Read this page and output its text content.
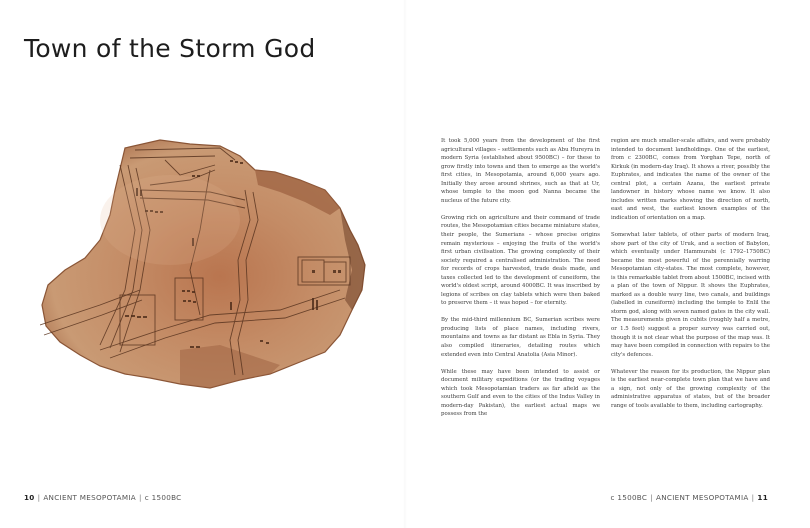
Town of the Storm God

It took 5,000 years from the development of the first agricultural villages – settlements such as Abu Hureyra in modern Syria (established about 9500BC) – for these to grow firstly into towns and then to emerge as the world's first cities, in Mesopotamia, around 6,000 years ago. Initially they arose around shrines, such as that at Ur, whose temple to the moon god Nanna became the nucleus of the future city.

Growing rich on agriculture and their command of trade routes, the Mesopotamian cities became miniature states, their people, the Sumerians – whose precise origins remain mysterious – enjoying the fruits of the world's first urban civilisation. The growing complexity of their society required a centralised administration. The need for records of crops harvested, trade deals made, and taxes collected led to the development of cuneiform, the world's oldest script, around 4000BC. It was inscribed by legions of scribes on clay tablets which were then baked to preserve them – it was hoped – for eternity.

By the mid-third millennium BC, Sumerian scribes were producing lists of place names, including rivers, mountains and towns as far distant as Ebla in Syria. They also compiled itineraries, detailing routes which extended even into Central Anatolia (Asia Minor).

While these may have been intended to assist or document military expeditions (or the trading voyages which took Mesopotamian traders as far afield as the southern Gulf and even to the cities of the Indus Valley in modern-day Pakistan), the earliest actual maps we possess from the

region are much smaller-scale affairs, and were probably intended to document landholdings. One of the earliest, from c 2300BC, comes from Yorghan Tepe, north of Kirkuk (in modern-day Iraq). It shows a river, possibly the Euphrates, and indicates the name of the owner of the central plot, a certain Azana, the earliest private landowner in history whose name we know. It also includes written marks showing the direction of north, east and west, the earliest known examples of the indication of orientation on a map.

Somewhat later tablets, of other parts of modern Iraq, show part of the city of Uruk, and a section of Babylon, which eventually under Hammurabi (c 1792–1750BC) became the most powerful of the perennially warring Mesopotamian city-states. The most complete, however, is this remarkable tablet from about 1500BC, incised with a plan of the town of Nippur. It shows the Euphrates, marked as a double wavy line, two canals, and buildings (labelled in cuneiform) including the temple to Enlil the storm god, along with seven named gates in the city wall. The measurements given in cubits (roughly half a metre, or 1.5 feet) suggest a proper survey was carried out, though it is not clear what the purpose of the map was. It may have been compiled in connection with repairs to the city's defences.

Whatever the reason for its production, the Nippur plan is the earliest near-complete town plan that we have and a sign, not only of the growing complexity of the administrative apparatus of states, but of the broader range of tools available to them, including cartography.

10 | ANCIENT MESOPOTAMIA | c 1500BC	c 1500BC | ANCIENT MESOPOTAMIA | 11
